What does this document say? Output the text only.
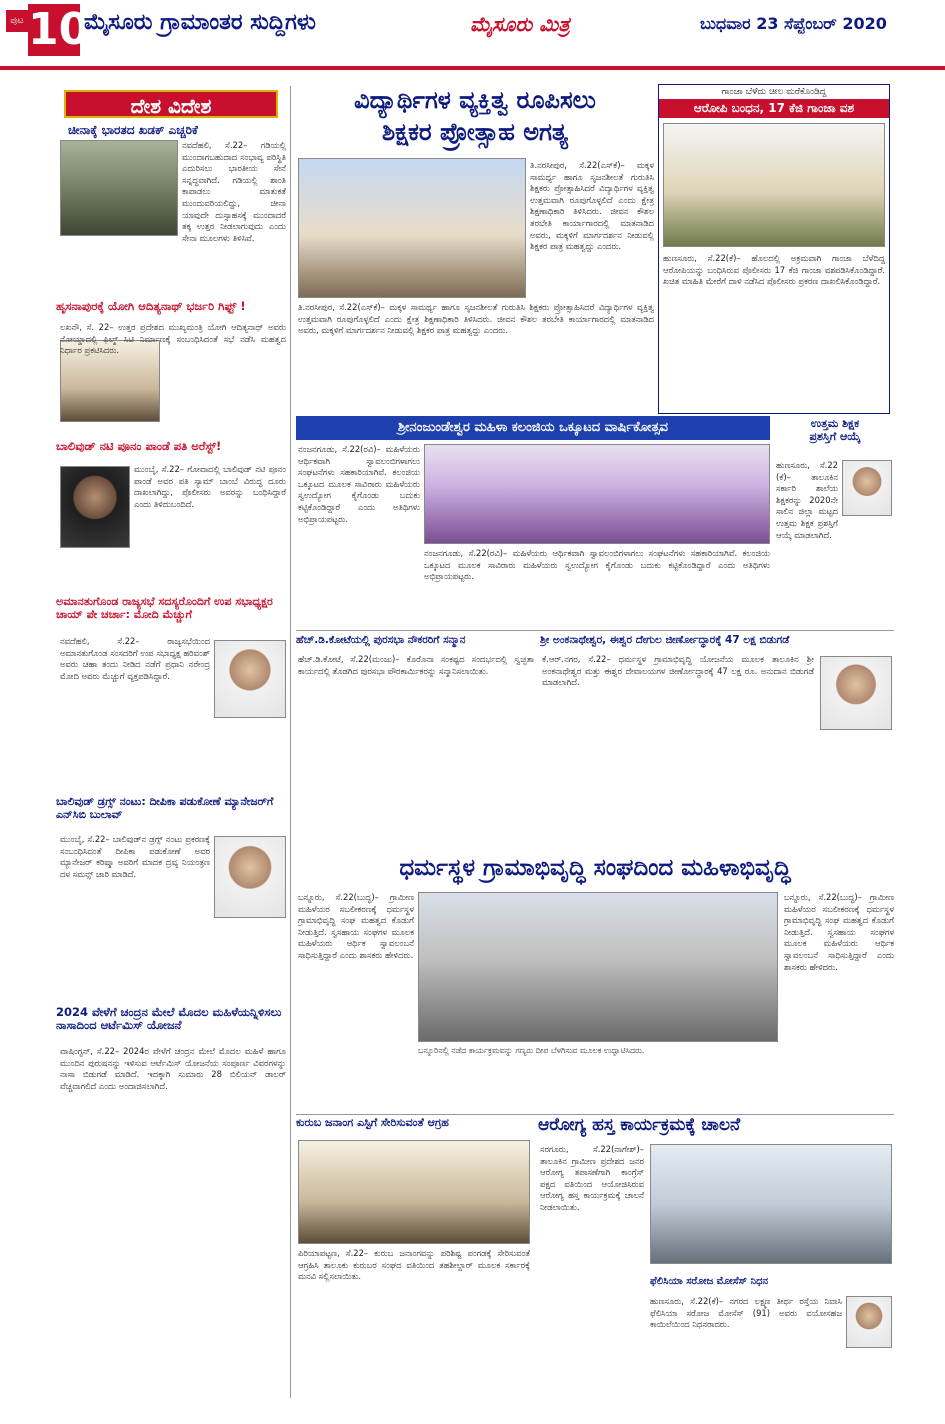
ಪುಟ 10
ಮೈಸೂರು ಗ್ರಾಮಾಂತರ ಸುದ್ದಿಗಳು	ಮೈಸೂರು ಮಿತ್ರ	ಬುಧವಾರ 23 ಸೆಪ್ಟೆಂಬರ್ 2020
ದೇಶ ವಿದೇಶ
ಚೀನಾಕ್ಕೆ ಭಾರತದ ಖಡಕ್ ಎಚ್ಚರಿಕೆ
ನವದೆಹಲಿ, ಸೆ.22– ಗಡಿಯಲ್ಲಿ ಮುಂದಾಗಬಹುದಾದ ಸಂಭಾವ್ಯ ಪರಿಸ್ಥಿತಿ ಎದುರಿಸಲು ಭಾರತೀಯ ಸೇನೆ ಸನ್ನದ್ಧವಾಗಿದೆ. ಗಡಿಯಲ್ಲಿ ಶಾಂತಿ ಕಾಪಾಡಲು ಮಾತುಕತೆ ಮುಂದುವರಿಯಲಿದ್ದು, ಚೀನಾ ಯಾವುದೇ ದುಸ್ಸಾಹಸಕ್ಕೆ ಮುಂದಾದರೆ ತಕ್ಕ ಉತ್ತರ ನೀಡಲಾಗುವುದು ಎಂದು ಸೇನಾ ಮೂಲಗಳು ತಿಳಿಸಿವೆ.
ಹೃಸನಾಪುರಕ್ಕೆ ಯೋಗಿ ಆದಿತ್ಯನಾಥ್ ಭರ್ಜರಿ ಗಿಫ್ಟ್ !
ಲಖನೌ, ಸೆ. 22– ಉತ್ತರ ಪ್ರದೇಶದ ಮುಖ್ಯಮಂತ್ರಿ ಯೋಗಿ ಆದಿತ್ಯನಾಥ್ ಅವರು ನೋಯ್ಡಾದಲ್ಲಿ ಫಿಲ್ಮ್ ಸಿಟಿ ನಿರ್ಮಾಣಕ್ಕೆ ಸಂಬಂಧಿಸಿದಂತೆ ಸಭೆ ನಡೆಸಿ ಮಹತ್ವದ ನಿರ್ಧಾರ ಪ್ರಕಟಿಸಿದರು.
ಬಾಲಿವುಡ್ ನಟಿ ಪೂನಂ ಪಾಂಡೆ ಪತಿ ಅರೆಸ್ಟ್!
ಮುಂಬೈ, ಸೆ.22– ಗೋವಾದಲ್ಲಿ ಬಾಲಿವುಡ್ ನಟಿ ಪೂನಂ ಪಾಂಡೆ ಅವರ ಪತಿ ಸ್ಯಾಮ್ ಬಾಂಬೆ ವಿರುದ್ಧ ದೂರು ದಾಖಲಾಗಿದ್ದು, ಪೊಲೀಸರು ಅವರನ್ನು ಬಂಧಿಸಿದ್ದಾರೆ ಎಂದು ತಿಳಿದುಬಂದಿದೆ.
ಅಮಾನತುಗೊಂಡ ರಾಜ್ಯಸಭೆ ಸದಸ್ಯರೊಂದಿಗೆ ಉಪ ಸಭಾಧ್ಯಕ್ಷರ ಚಾಯ್ ಪೇ ಚರ್ಚಾ: ಮೋದಿ ಮೆಚ್ಚುಗೆ
ನವದೆಹಲಿ, ಸೆ.22– ರಾಜ್ಯಸಭೆಯಿಂದ ಅಮಾನತುಗೊಂಡ ಸಂಸದರಿಗೆ ಉಪ ಸಭಾಧ್ಯಕ್ಷ ಹರಿವಂಶ್ ಅವರು ಚಹಾ ತಂದು ನೀಡಿದ ನಡೆಗೆ ಪ್ರಧಾನಿ ನರೇಂದ್ರ ಮೋದಿ ಅವರು ಮೆಚ್ಚುಗೆ ವ್ಯಕ್ತಪಡಿಸಿದ್ದಾರೆ.
ಬಾಲಿವುಡ್ ಡ್ರಗ್ಸ್ ನಂಟು: ದೀಪಿಕಾ ಪಡುಕೋಣೆ ಮ್ಯಾನೇಜರ್‌ಗೆ ಎನ್‌ಸಿಬಿ ಬುಲಾವ್
ಮುಂಬೈ, ಸೆ.22– ಬಾಲಿವುಡ್‌ನ ಡ್ರಗ್ಸ್ ನಂಟು ಪ್ರಕರಣಕ್ಕೆ ಸಂಬಂಧಿಸಿದಂತೆ ದೀಪಿಕಾ ಪಡುಕೋಣೆ ಅವರ ಮ್ಯಾನೇಜರ್ ಕರಿಷ್ಮಾ ಅವರಿಗೆ ಮಾದಕ ದ್ರವ್ಯ ನಿಯಂತ್ರಣ ದಳ ಸಮನ್ಸ್ ಜಾರಿ ಮಾಡಿದೆ.
2024 ವೇಳೆಗೆ ಚಂದ್ರನ ಮೇಲೆ ಮೊದಲ ಮಹಿಳೆಯನ್ನಿಳಿಸಲು ನಾಸಾದಿಂದ ಆರ್ಟೆಮಿಸ್ ಯೋಜನೆ
ವಾಷಿಂಗ್ಟನ್, ಸೆ.22– 2024ರ ವೇಳೆಗೆ ಚಂದ್ರನ ಮೇಲೆ ಮೊದಲ ಮಹಿಳೆ ಹಾಗೂ ಮುಂದಿನ ಪುರುಷನನ್ನು ಇಳಿಸುವ ಆರ್ಟೆಮಿಸ್ ಯೋಜನೆಯ ಸಂಪೂರ್ಣ ವಿವರಗಳನ್ನು ನಾಸಾ ಬಿಡುಗಡೆ ಮಾಡಿದೆ. ಇದಕ್ಕಾಗಿ ಸುಮಾರು 28 ಬಿಲಿಯನ್ ಡಾಲರ್ ವೆಚ್ಚವಾಗಲಿದೆ ಎಂದು ಅಂದಾಜಿಸಲಾಗಿದೆ.
ವಿದ್ಯಾರ್ಥಿಗಳ ವ್ಯಕ್ತಿತ್ವ ರೂಪಿಸಲು
ಶಿಕ್ಷಕರ ಪ್ರೋತ್ಸಾಹ ಅಗತ್ಯ
ತಿ.ನರಸೀಪುರ, ಸೆ.22(ಎಸ್‌ಕೆ)– ಮಕ್ಕಳ ಸಾಮರ್ಥ್ಯ ಹಾಗೂ ಸೃಜನಶೀಲತೆ ಗುರುತಿಸಿ ಶಿಕ್ಷಕರು ಪ್ರೋತ್ಸಾಹಿಸಿದರೆ ವಿದ್ಯಾರ್ಥಿಗಳ ವ್ಯಕ್ತಿತ್ವ ಉತ್ತಮವಾಗಿ ರೂಪುಗೊಳ್ಳಲಿದೆ ಎಂದು ಕ್ಷೇತ್ರ ಶಿಕ್ಷಣಾಧಿಕಾರಿ ತಿಳಿಸಿದರು. ಜೀವನ ಕೌಶಲ ತರಬೇತಿ ಕಾರ್ಯಾಗಾರದಲ್ಲಿ ಮಾತನಾಡಿದ ಅವರು, ಮಕ್ಕಳಿಗೆ ಮಾರ್ಗದರ್ಶನ ನೀಡುವಲ್ಲಿ ಶಿಕ್ಷಕರ ಪಾತ್ರ ಮಹತ್ವದ್ದು ಎಂದರು.
ತಿ.ನರಸೀಪುರ, ಸೆ.22(ಎಸ್‌ಕೆ)– ಮಕ್ಕಳ ಸಾಮರ್ಥ್ಯ ಹಾಗೂ ಸೃಜನಶೀಲತೆ ಗುರುತಿಸಿ ಶಿಕ್ಷಕರು ಪ್ರೋತ್ಸಾಹಿಸಿದರೆ ವಿದ್ಯಾರ್ಥಿಗಳ ವ್ಯಕ್ತಿತ್ವ ಉತ್ತಮವಾಗಿ ರೂಪುಗೊಳ್ಳಲಿದೆ ಎಂದು ಕ್ಷೇತ್ರ ಶಿಕ್ಷಣಾಧಿಕಾರಿ ತಿಳಿಸಿದರು. ಜೀವನ ಕೌಶಲ ತರಬೇತಿ ಕಾರ್ಯಾಗಾರದಲ್ಲಿ ಮಾತನಾಡಿದ ಅವರು, ಮಕ್ಕಳಿಗೆ ಮಾರ್ಗದರ್ಶನ ನೀಡುವಲ್ಲಿ ಶಿಕ್ಷಕರ ಪಾತ್ರ ಮಹತ್ವದ್ದು ಎಂದರು.
ಗಾಂಜಾ ಬೆಳೆದು ಚೀಲ ಮರೆಕೊಂಡಿದ್ದ
ಆರೋಪಿ ಬಂಧನ, 17 ಕೆಜಿ ಗಾಂಜಾ ವಶ
ಹುಣಸೂರು, ಸೆ.22(ಕೆ)– ಹೊಲದಲ್ಲಿ ಅಕ್ರಮವಾಗಿ ಗಾಂಜಾ ಬೆಳೆದಿದ್ದ ಆರೋಪಿಯನ್ನು ಬಂಧಿಸಿರುವ ಪೊಲೀಸರು 17 ಕೆಜಿ ಗಾಂಜಾ ವಶಪಡಿಸಿಕೊಂಡಿದ್ದಾರೆ. ಖಚಿತ ಮಾಹಿತಿ ಮೇರೆಗೆ ದಾಳಿ ನಡೆಸಿದ ಪೊಲೀಸರು ಪ್ರಕರಣ ದಾಖಲಿಸಿಕೊಂಡಿದ್ದಾರೆ.
ಶ್ರೀನಂಜುಂಡೇಶ್ವರ ಮಹಿಳಾ ಕಲಂಜಿಯ ಒಕ್ಕೂಟದ ವಾರ್ಷಿಕೋತ್ಸವ
ನಂಜನಗೂಡು, ಸೆ.22(ರವಿ)– ಮಹಿಳೆಯರು ಆರ್ಥಿಕವಾಗಿ ಸ್ವಾವಲಂಬಿಗಳಾಗಲು ಸಂಘಟನೆಗಳು ಸಹಕಾರಿಯಾಗಿವೆ. ಕಲಂಜಿಯ ಒಕ್ಕೂಟದ ಮೂಲಕ ಸಾವಿರಾರು ಮಹಿಳೆಯರು ಸ್ವಉದ್ಯೋಗ ಕೈಗೊಂಡು ಬದುಕು ಕಟ್ಟಿಕೊಂಡಿದ್ದಾರೆ ಎಂದು ಅತಿಥಿಗಳು ಅಭಿಪ್ರಾಯಪಟ್ಟರು.
ನಂಜನಗೂಡು, ಸೆ.22(ರವಿ)– ಮಹಿಳೆಯರು ಆರ್ಥಿಕವಾಗಿ ಸ್ವಾವಲಂಬಿಗಳಾಗಲು ಸಂಘಟನೆಗಳು ಸಹಕಾರಿಯಾಗಿವೆ. ಕಲಂಜಿಯ ಒಕ್ಕೂಟದ ಮೂಲಕ ಸಾವಿರಾರು ಮಹಿಳೆಯರು ಸ್ವಉದ್ಯೋಗ ಕೈಗೊಂಡು ಬದುಕು ಕಟ್ಟಿಕೊಂಡಿದ್ದಾರೆ ಎಂದು ಅತಿಥಿಗಳು ಅಭಿಪ್ರಾಯಪಟ್ಟರು.
ಉತ್ತಮ ಶಿಕ್ಷಕ
ಪ್ರಶಸ್ತಿಗೆ ಆಯ್ಕೆ
ಹುಣಸೂರು, ಸೆ.22 (ಕೆ)– ತಾಲೂಕಿನ ಸರ್ಕಾರಿ ಶಾಲೆಯ ಶಿಕ್ಷಕರನ್ನು 2020ನೇ ಸಾಲಿನ ಜಿಲ್ಲಾ ಮಟ್ಟದ ಉತ್ತಮ ಶಿಕ್ಷಕ ಪ್ರಶಸ್ತಿಗೆ ಆಯ್ಕೆ ಮಾಡಲಾಗಿದೆ.
ಹೆಚ್.ಡಿ.ಕೋಟೆಯಲ್ಲಿ ಪುರಸಭಾ ನೌಕರರಿಗೆ ಸನ್ಮಾನ
ಹೆಚ್.ಡಿ.ಕೋಟೆ, ಸೆ.22(ಮಂಜು)– ಕೊರೊನಾ ಸಂಕಷ್ಟದ ಸಂದರ್ಭದಲ್ಲಿ ಸ್ವಚ್ಛತಾ ಕಾರ್ಯದಲ್ಲಿ ತೊಡಗಿದ ಪುರಸಭಾ ಪೌರಕಾರ್ಮಿಕರನ್ನು ಸನ್ಮಾನಿಸಲಾಯಿತು.
ಶ್ರೀ ಅಂಕನಾಥೇಶ್ವರ, ಈಶ್ವರ ದೇಗುಲ ಜೀರ್ಣೋದ್ಧಾರಕ್ಕೆ 47 ಲಕ್ಷ ಬಿಡುಗಡೆ
ಕೆ.ಆರ್.ನಗರ, ಸೆ.22– ಧರ್ಮಸ್ಥಳ ಗ್ರಾಮಾಭಿವೃದ್ಧಿ ಯೋಜನೆಯ ಮೂಲಕ ತಾಲೂಕಿನ ಶ್ರೀ ಅಂಕನಾಥೇಶ್ವರ ಮತ್ತು ಈಶ್ವರ ದೇವಾಲಯಗಳ ಜೀರ್ಣೋದ್ಧಾರಕ್ಕೆ 47 ಲಕ್ಷ ರೂ. ಅನುದಾನ ಬಿಡುಗಡೆ ಮಾಡಲಾಗಿದೆ.
ಧರ್ಮಸ್ಥಳ ಗ್ರಾಮಾಭಿವೃದ್ಧಿ ಸಂಘದಿಂದ ಮಹಿಳಾಭಿವೃದ್ಧಿ
ಬನ್ನೂರು, ಸೆ.22(ಬುದ್ಧ)– ಗ್ರಾಮೀಣ ಮಹಿಳೆಯರ ಸಬಲೀಕರಣಕ್ಕೆ ಧರ್ಮಸ್ಥಳ ಗ್ರಾಮಾಭಿವೃದ್ಧಿ ಸಂಘ ಮಹತ್ವದ ಕೊಡುಗೆ ನೀಡುತ್ತಿದೆ. ಸ್ವಸಹಾಯ ಸಂಘಗಳ ಮೂಲಕ ಮಹಿಳೆಯರು ಆರ್ಥಿಕ ಸ್ವಾವಲಂಬನೆ ಸಾಧಿಸುತ್ತಿದ್ದಾರೆ ಎಂದು ಶಾಸಕರು ಹೇಳಿದರು.
ಬನ್ನೂರಿನಲ್ಲಿ ನಡೆದ ಕಾರ್ಯಕ್ರಮವನ್ನು ಗಣ್ಯರು ದೀಪ ಬೆಳಗಿಸುವ ಮೂಲಕ ಉದ್ಘಾಟಿಸಿದರು.
ಬನ್ನೂರು, ಸೆ.22(ಬುದ್ಧ)– ಗ್ರಾಮೀಣ ಮಹಿಳೆಯರ ಸಬಲೀಕರಣಕ್ಕೆ ಧರ್ಮಸ್ಥಳ ಗ್ರಾಮಾಭಿವೃದ್ಧಿ ಸಂಘ ಮಹತ್ವದ ಕೊಡುಗೆ ನೀಡುತ್ತಿದೆ. ಸ್ವಸಹಾಯ ಸಂಘಗಳ ಮೂಲಕ ಮಹಿಳೆಯರು ಆರ್ಥಿಕ ಸ್ವಾವಲಂಬನೆ ಸಾಧಿಸುತ್ತಿದ್ದಾರೆ ಎಂದು ಶಾಸಕರು ಹೇಳಿದರು.
ಕುರುಬ ಜನಾಂಗ ಎಸ್ಟಿಗೆ ಸೇರಿಸುವಂತೆ ಆಗ್ರಹ
ಪಿರಿಯಾಪಟ್ಟಣ, ಸೆ.22– ಕುರುಬ ಜನಾಂಗವನ್ನು ಪರಿಶಿಷ್ಟ ಪಂಗಡಕ್ಕೆ ಸೇರಿಸುವಂತೆ ಆಗ್ರಹಿಸಿ ತಾಲೂಕು ಕುರುಬರ ಸಂಘದ ವತಿಯಿಂದ ತಹಶೀಲ್ದಾರ್ ಮೂಲಕ ಸರ್ಕಾರಕ್ಕೆ ಮನವಿ ಸಲ್ಲಿಸಲಾಯಿತು.
ಆರೋಗ್ಯ ಹಸ್ತ ಕಾರ್ಯಕ್ರಮಕ್ಕೆ ಚಾಲನೆ
ಸರಗೂರು, ಸೆ.22(ನಾಗೇಶ್)– ತಾಲೂಕಿನ ಗ್ರಾಮೀಣ ಪ್ರದೇಶದ ಜನರ ಆರೋಗ್ಯ ತಪಾಸಣೆಗಾಗಿ ಕಾಂಗ್ರೆಸ್ ಪಕ್ಷದ ವತಿಯಿಂದ ಆಯೋಜಿಸಿರುವ ಆರೋಗ್ಯ ಹಸ್ತ ಕಾರ್ಯಕ್ರಮಕ್ಕೆ ಚಾಲನೆ ನೀಡಲಾಯಿತು.
ಫೆಲಿಸಿಯಾ ಸರೋಜ ಮೋಸೆಸ್ ನಿಧನ
ಹುಣಸೂರು, ಸೆ.22(ಕೆ)– ನಗರದ ಲಕ್ಷ್ಮಣ ತೀರ್ಥ ರಸ್ತೆಯ ನಿವಾಸಿ ಫೆಲಿಸಿಯಾ ಸರೋಜ ಮೋಸೆಸ್ (91) ಅವರು ವಯೋಸಹಜ ಕಾಯಿಲೆಯಿಂದ ನಿಧನರಾದರು.
